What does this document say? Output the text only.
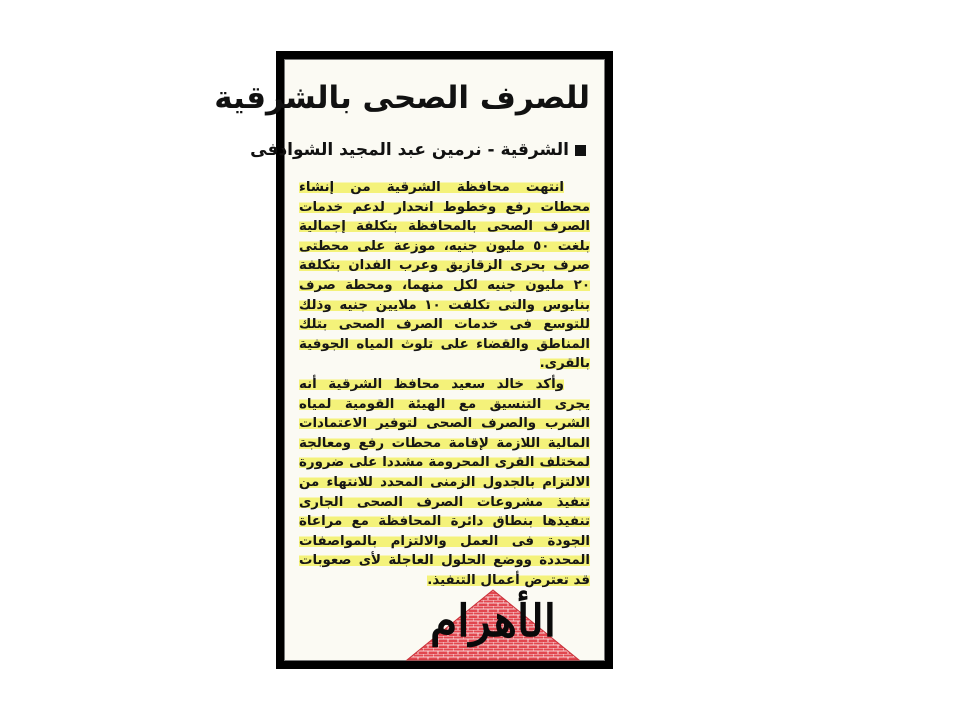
للصرف الصحى بالشرقية
الشرقية - نرمين عبد المجيد الشوادفى

انتهت محافظة الشرقية من إنشاء محطات رفع وخطوط انحدار لدعم خدمات الصرف الصحى بالمحافظة بتكلفة إجمالية بلغت ٥٠ مليون جنيه، موزعة على محطتى صرف بحرى الزقازيق وعرب الفدان بتكلفة ٢٠ مليون جنيه لكل منهما، ومحطة صرف بنايوس والتى تكلفت ١٠ ملايين جنيه وذلك للتوسع فى خدمات الصرف الصحى بتلك المناطق والقضاء على تلوث المياه الجوفية بالقرى.

وأكد خالد سعيد محافظ الشرقية أنه يجرى التنسيق مع الهيئة القومية لمياه الشرب والصرف الصحى لتوفير الاعتمادات المالية اللازمة لإقامة محطات رفع ومعالجة لمختلف القرى المحرومة مشددا على ضرورة الالتزام بالجدول الزمنى المحدد للانتهاء من تنفيذ مشروعات الصرف الصحى الجارى تنفيذها بنطاق دائرة المحافظة مع مراعاة الجودة فى العمل والالتزام بالمواصفات المحددة ووضع الحلول العاجلة لأى صعوبات قد تعترض أعمال التنفيذ.

الأهرام
